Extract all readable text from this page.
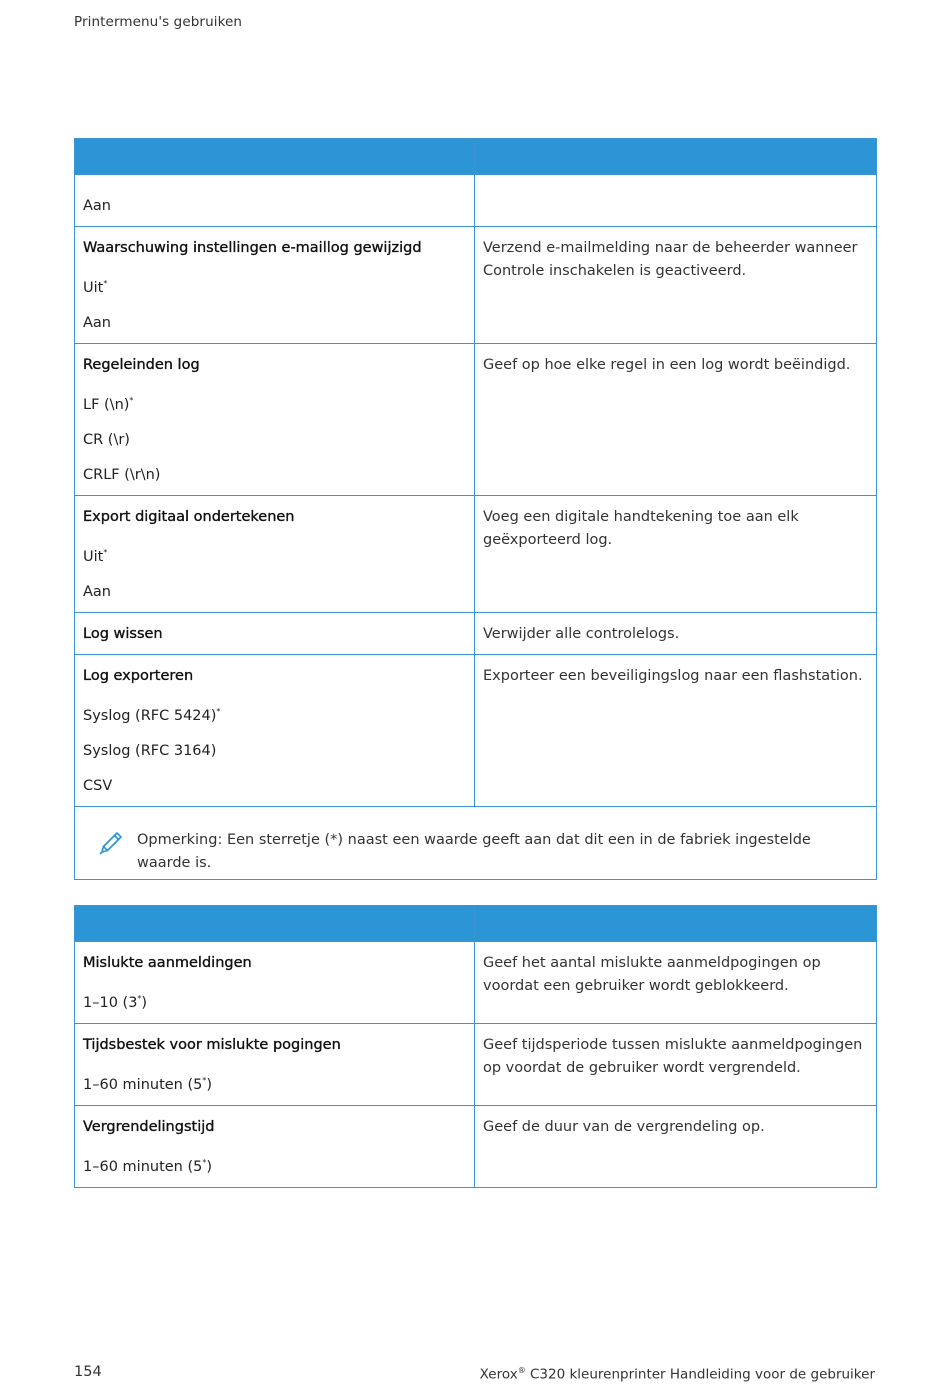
Printermenu's gebruiken

Aan	

Waarschuwing instellingen e-maillog gewijzigd
Uit*
Aan	Verzend e-mailmelding naar de beheerder wanneer Controle inschakelen is geactiveerd.

Regeleinden log
LF (\n)*
CR (\r)
CRLF (\r\n)	Geef op hoe elke regel in een log wordt beëindigd.

Export digitaal ondertekenen
Uit*
Aan	Voeg een digitale handtekening toe aan elk geëxporteerd log.

Log wissen	Verwijder alle controlelogs.

Log exporteren
Syslog (RFC 5424)*
Syslog (RFC 3164)
CSV	Exporteer een beveiligingslog naar een flashstation.

Opmerking: Een sterretje (*) naast een waarde geeft aan dat dit een in de fabriek ingestelde waarde is.	

Mislukte aanmeldingen
1–10 (3*)	Geef het aantal mislukte aanmeldpogingen op voordat een gebruiker wordt geblokkeerd.

Tijdsbestek voor mislukte pogingen
1–60 minuten (5*)	Geef tijdsperiode tussen mislukte aanmeldpogingen op voordat de gebruiker wordt vergrendeld.

Vergrendelingstijd
1–60 minuten (5*)	Geef de duur van de vergrendeling op.
154	Xerox® C320 kleurenprinter Handleiding voor de gebruiker
